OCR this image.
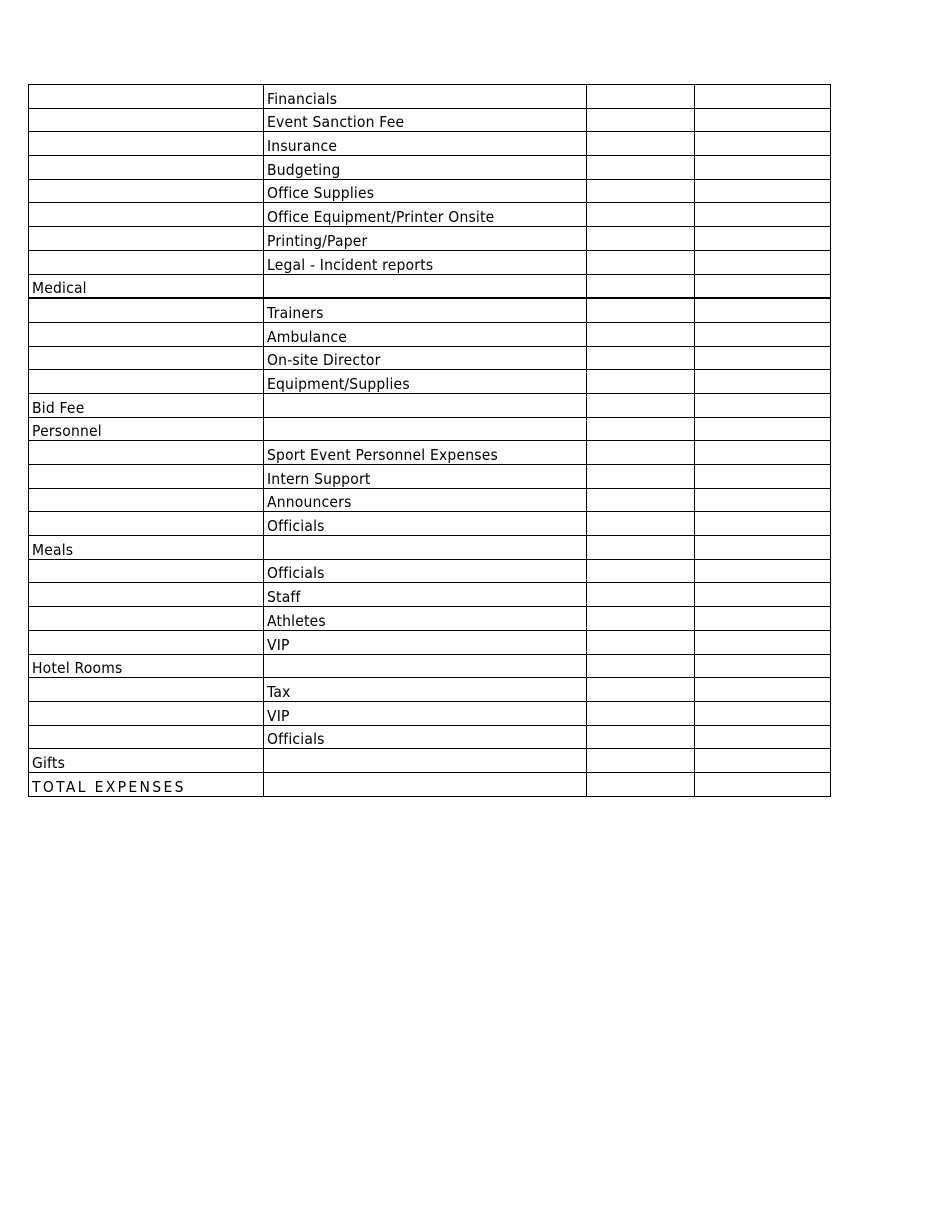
	Financials		
	Event Sanction Fee		
	Insurance		
	Budgeting		
	Office Supplies		
	Office Equipment/Printer Onsite		
	Printing/Paper		
	Legal - Incident reports		
Medical			
	Trainers		
	Ambulance		
	On-site Director		
	Equipment/Supplies		
Bid Fee			
Personnel			
	Sport Event Personnel Expenses		
	Intern Support		
	Announcers		
	Officials		
Meals			
	Officials		
	Staff		
	Athletes		
	VIP		
Hotel Rooms			
	Tax		
	VIP		
	Officials		
Gifts			
TOTAL EXPENSES			
